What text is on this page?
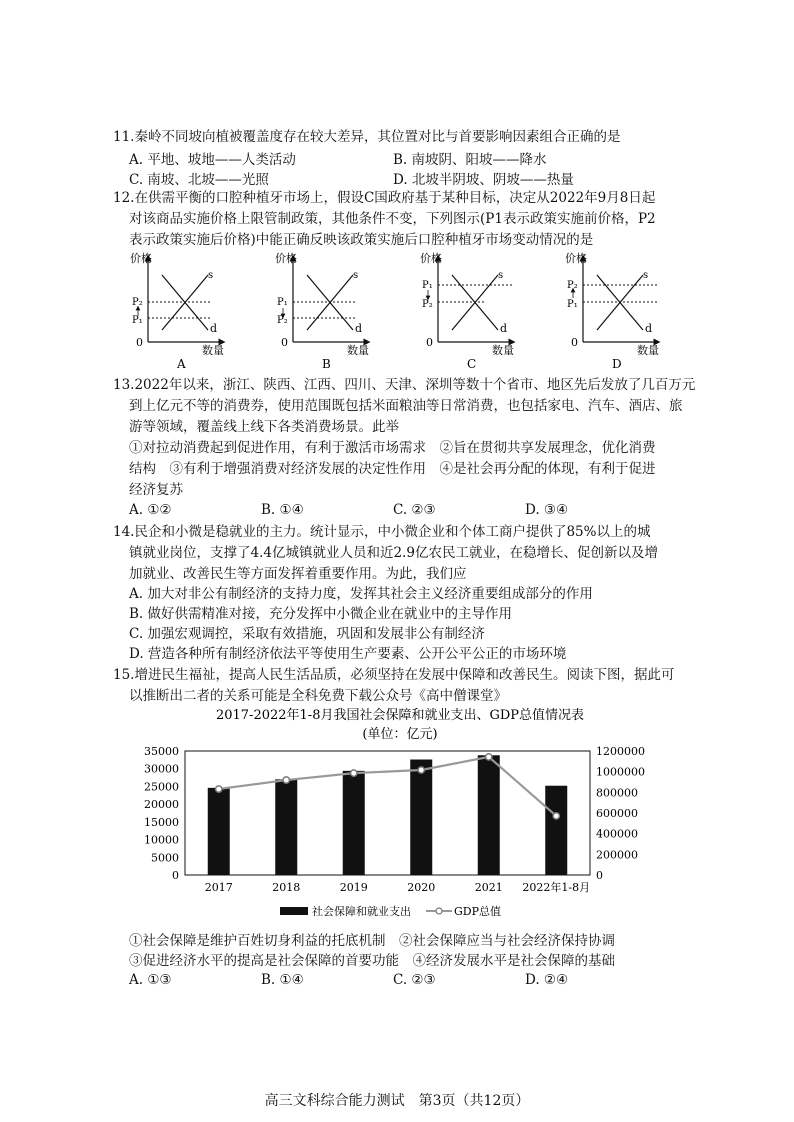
11.秦岭不同坡向植被覆盖度存在较大差异，其位置对比与首要影响因素组合正确的是
A. 平地、坡地——人类活动	B. 南坡阴、阳坡——降水
C. 南坡、北坡——光照	D. 北坡半阴坡、阴坡——热量
12.在供需平衡的口腔种植牙市场上，假设C国政府基于某种目标，决定从2022年9月8日起
对该商品实施价格上限管制政策，其他条件不变，下列图示(P1表示政策实施前价格，P2
表示政策实施后价格)中能正确反映该政策实施后口腔种植牙市场变动情况的是
价格
数量
0
s
d
P₂
P₁
A
价格
数量
0
s
d
P₁
P₂
B
价格
数量
0
s
d
P₁
P₂
C
价格
数量
0
s
d
P₂
P₁
D
13.2022年以来，浙江、陕西、江西、四川、天津、深圳等数十个省市、地区先后发放了几百万元
到上亿元不等的消费券，使用范围既包括米面粮油等日常消费，也包括家电、汽车、酒店、旅
游等领域，覆盖线上线下各类消费场景。此举
①对拉动消费起到促进作用，有利于激活市场需求　②旨在贯彻共享发展理念，优化消费
结构　③有利于增强消费对经济发展的决定性作用　④是社会再分配的体现，有利于促进
经济复苏
A. ①②	B. ①④	C. ②③	D. ③④
14.民企和小微是稳就业的主力。统计显示，中小微企业和个体工商户提供了85%以上的城
镇就业岗位，支撑了4.4亿城镇就业人员和近2.9亿农民工就业，在稳增长、促创新以及增
加就业、改善民生等方面发挥着重要作用。为此，我们应
A. 加大对非公有制经济的支持力度，发挥其社会主义经济重要组成部分的作用
B. 做好供需精准对接，充分发挥中小微企业在就业中的主导作用
C. 加强宏观调控，采取有效措施，巩固和发展非公有制经济
D. 营造各种所有制经济依法平等使用生产要素、公开公平公正的市场环境
15.增进民生福祉，提高人民生活品质，必须坚持在发展中保障和改善民生。阅读下图，据此可
以推断出二者的关系可能是全科免费下载公众号《高中僧课堂》
2017-2022年1-8月我国社会保障和就业支出、GDP总值情况表
(单位：亿元)
0
5000
10000
15000
20000
25000
30000
35000
0
200000
400000
600000
800000
1000000
1200000
2017	2018	2019	2020	2021 2022年1-8月
社会保障和就业支出	GDP总值
①社会保障是维护百姓切身利益的托底机制　②社会保障应当与社会经济保持协调
③促进经济水平的提高是社会保障的首要功能　④经济发展水平是社会保障的基础
A. ①③	B. ①④	C. ②③	D. ②④
高三文科综合能力测试　第3页（共12页）
